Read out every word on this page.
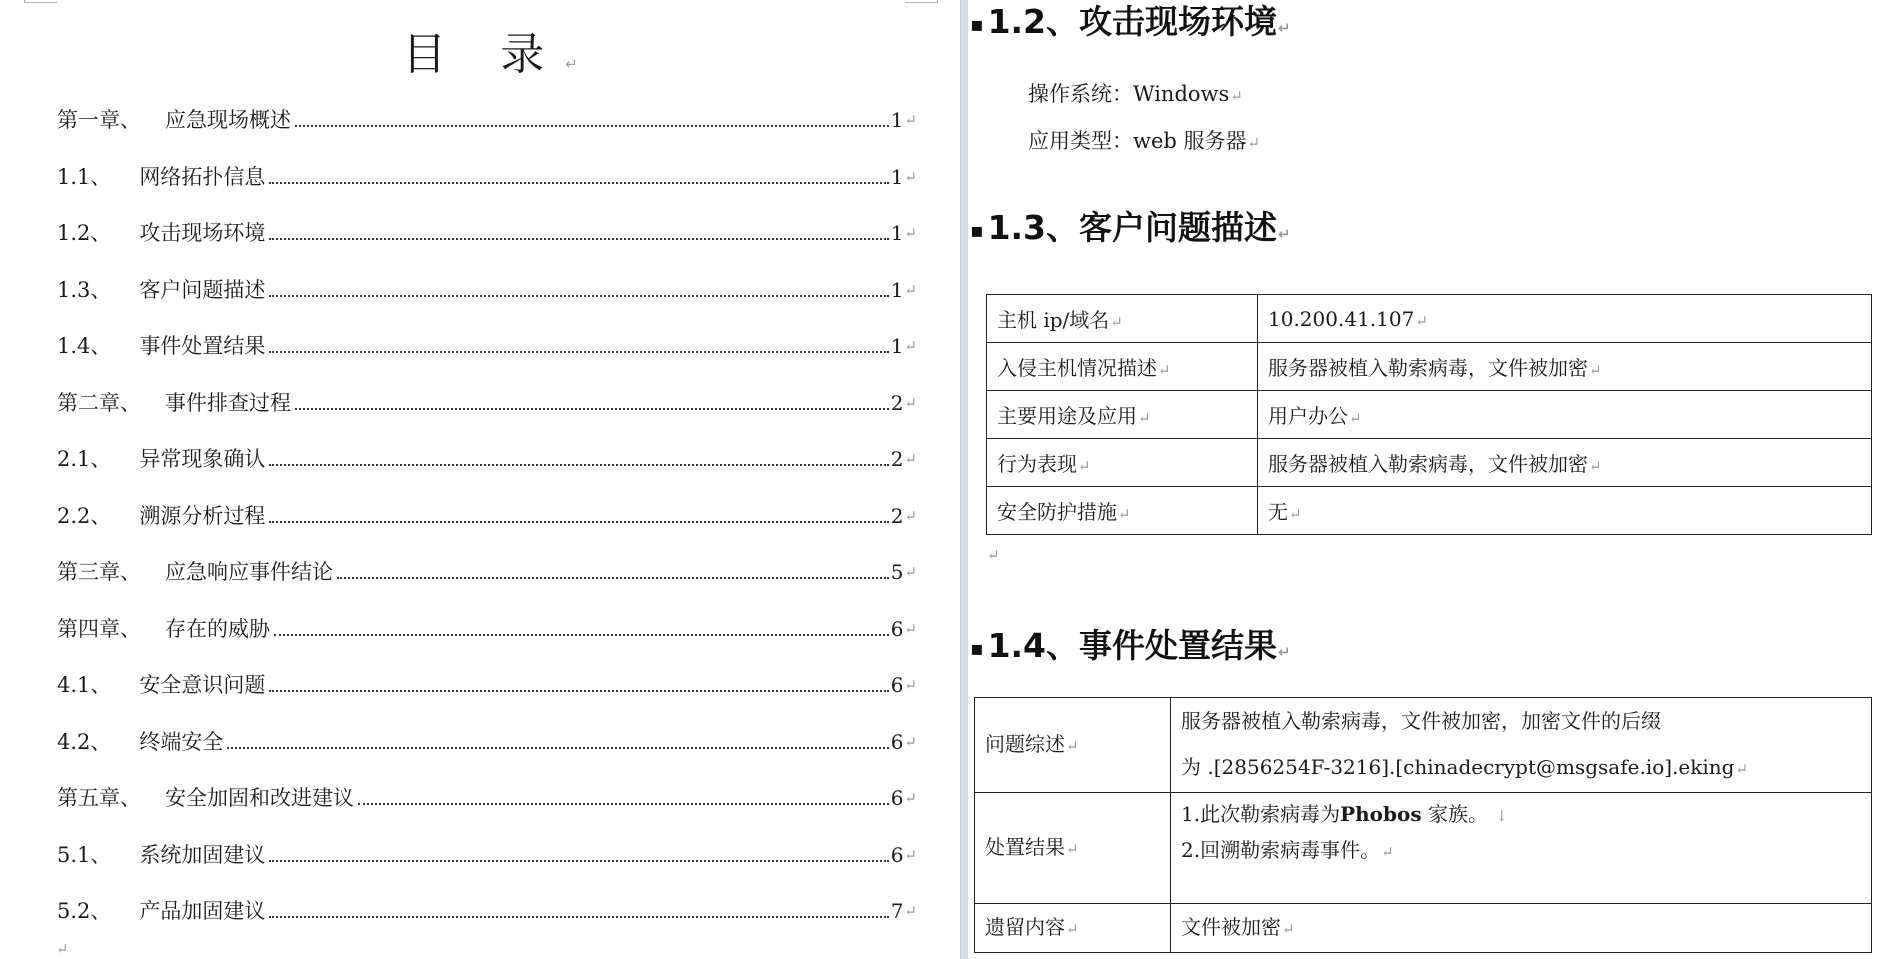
目 录↵
第一章、 应急现场概述	1 ↵
1.1、 网络拓扑信息	1 ↵
1.2、 攻击现场环境	1 ↵
1.3、 客户问题描述	1 ↵
1.4、 事件处置结果	1 ↵
第二章、 事件排查过程	2 ↵
2.1、 异常现象确认	2 ↵
2.2、 溯源分析过程	2 ↵
第三章、 应急响应事件结论	5 ↵
第四章、 存在的威胁	6 ↵
4.1、 安全意识问题	6 ↵
4.2、 终端安全	6 ↵
第五章、 安全加固和改进建议	6 ↵
5.1、 系统加固建议	6 ↵
5.2、 产品加固建议	7 ↵
↵
▪ 1.2、攻击现场环境↵
操作系统：Windows↵
应用类型：web 服务器↵
▪ 1.3、客户问题描述↵
主机 ip/域名↵	10.200.41.107↵
入侵主机情况描述↵	服务器被植入勒索病毒，文件被加密↵
主要用途及应用↵	用户办公↵
行为表现↵	服务器被植入勒索病毒，文件被加密↵
安全防护措施↵	无↵
↵
▪ 1.4、事件处置结果↵
问题综述↵	服务器被植入勒索病毒，文件被加密，加密文件的后缀
为 .[2856254F-3216].[chinadecrypt@msgsafe.io].eking↵

处置结果↵	1.此次勒索病毒为Phobos 家族。 ↓
2.回溯勒索病毒事件。↵

遗留内容↵	文件被加密↵
